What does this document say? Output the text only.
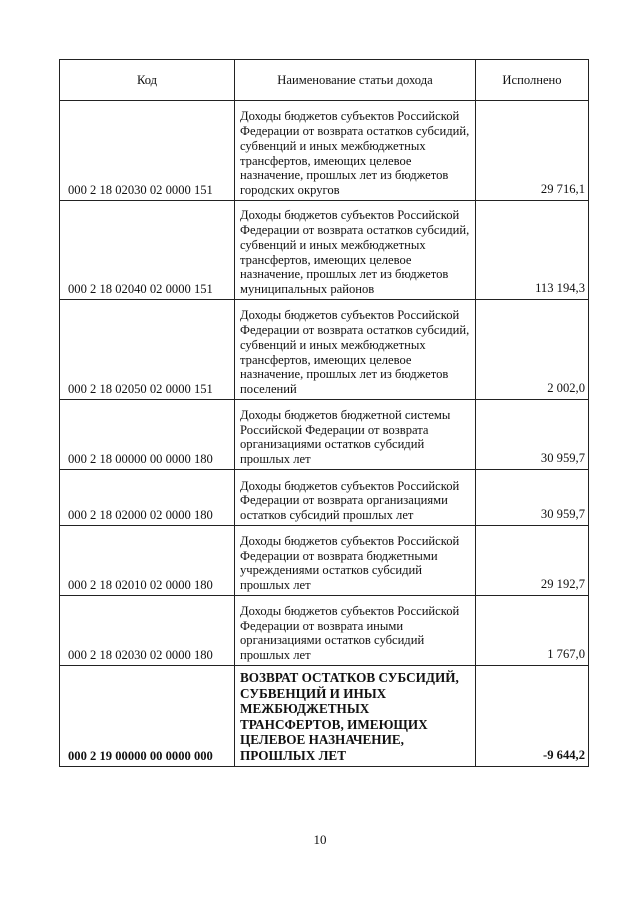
Код	Наименование статьи дохода	Исполнено
000 2 18 02030 02 0000 151	Доходы бюджетов субъектов Российской Федерации от возврата остатков субсидий, субвенций и иных межбюджетных трансфертов, имеющих целевое назначение, прошлых лет из бюджетов городских округов	29 716,1
000 2 18 02040 02 0000 151	Доходы бюджетов субъектов Российской Федерации от возврата остатков субсидий, субвенций и иных межбюджетных трансфертов, имеющих целевое назначение, прошлых лет из бюджетов муниципальных районов	113 194,3
000 2 18 02050 02 0000 151	Доходы бюджетов субъектов Российской Федерации от возврата остатков субсидий, субвенций и иных межбюджетных трансфертов, имеющих целевое назначение, прошлых лет из бюджетов поселений	2 002,0
000 2 18 00000 00 0000 180	Доходы бюджетов бюджетной системы Российской Федерации от возврата организациями остатков субсидий прошлых лет	30 959,7
000 2 18 02000 02 0000 180	Доходы бюджетов субъектов Российской Федерации от возврата организациями остатков субсидий прошлых лет	30 959,7
000 2 18 02010 02 0000 180	Доходы бюджетов субъектов Российской Федерации от возврата бюджетными учреждениями остатков субсидий прошлых лет	29 192,7
000 2 18 02030 02 0000 180	Доходы бюджетов субъектов Российской Федерации от возврата иными организациями остатков субсидий прошлых лет	1 767,0
000 2 19 00000 00 0000 000	ВОЗВРАТ ОСТАТКОВ СУБСИДИЙ, СУБВЕНЦИЙ И ИНЫХ МЕЖБЮДЖЕТНЫХ ТРАНСФЕРТОВ, ИМЕЮЩИХ ЦЕЛЕВОЕ НАЗНАЧЕНИЕ, ПРОШЛЫХ ЛЕТ	-9 644,2
10
